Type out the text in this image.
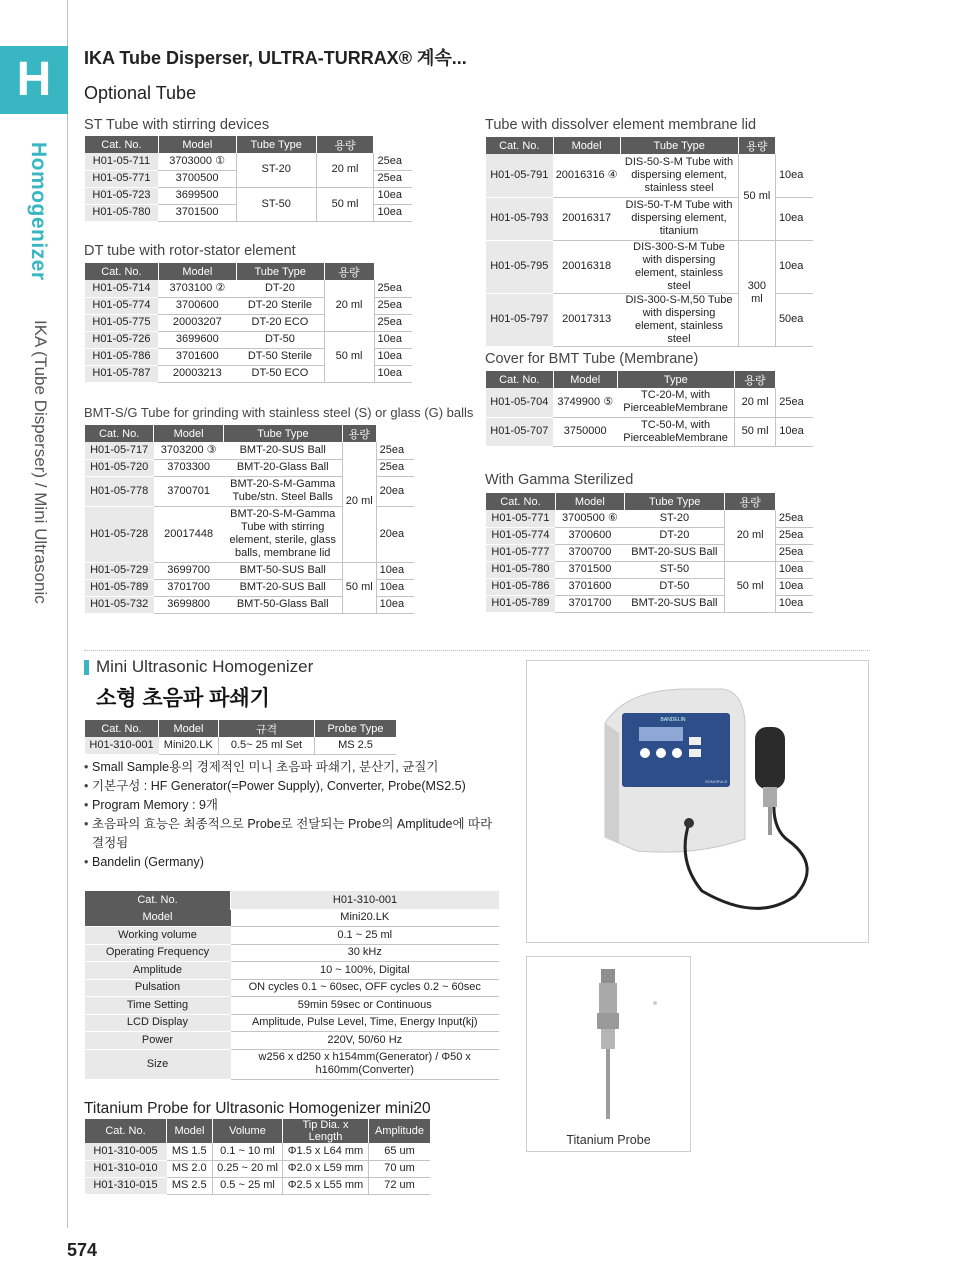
H
Homogenizer
IKA (Tube Disperser) / Mini Ultrasonic
IKA Tube Disperser, ULTRA-TURRAX® 계속...
Optional Tube
ST Tube with stirring devices
Cat. No.	Model	Tube Type	용량	
H01-05-711	3703000 ①	ST-20	20 ml	25ea
H01-05-771	3700500			25ea
H01-05-723	3699500	ST-50	50 ml	10ea
H01-05-780	3701500			10ea
DT tube with rotor-stator element
Cat. No.	Model	Tube Type	용량	
H01-05-714	3703100 ②	DT-20	20 ml	25ea
H01-05-774	3700600	DT-20 Sterile		25ea
H01-05-775	20003207	DT-20 ECO		25ea
H01-05-726	3699600	DT-50	50 ml	10ea
H01-05-786	3701600	DT-50 Sterile		10ea
H01-05-787	20003213	DT-50 ECO		10ea
BMT-S/G Tube for grinding with stainless steel (S) or glass (G) balls
Cat. No.	Model	Tube Type	용량	
H01-05-717	3703200 ③	BMT-20-SUS Ball	20 ml	25ea
H01-05-720	3703300	BMT-20-Glass Ball		25ea
H01-05-778	3700701	BMT-20-S-M-Gamma Tube/stn. Steel Balls		20ea
H01-05-728	20017448	BMT-20-S-M-Gamma Tube with stirring element, sterile, glass balls, membrane lid		20ea
H01-05-729	3699700	BMT-50-SUS Ball	50 ml	10ea
H01-05-789	3701700	BMT-20-SUS Ball		10ea
H01-05-732	3699800	BMT-50-Glass Ball		10ea
Tube with dissolver element membrane lid
Cat. No.	Model	Tube Type	용량	
H01-05-791	20016316 ④	DIS-50-S-M Tube with dispersing element, stainless steel	50 ml	10ea
H01-05-793	20016317	DIS-50-T-M Tube with dispersing element, titanium		10ea
H01-05-795	20016318	DIS-300-S-M Tube with dispersing element, stainless steel	300 ml	10ea
H01-05-797	20017313	DIS-300-S-M,50 Tube with dispersing element, stainless steel		50ea
Cover for BMT Tube (Membrane)
Cat. No.	Model	Type	용량	
H01-05-704	3749900 ⑤	TC-20-M, with PierceableMembrane	20 ml	25ea
H01-05-707	3750000	TC-50-M, with PierceableMembrane	50 ml	10ea
With Gamma Sterilized
Cat. No.	Model	Tube Type	용량	
H01-05-771	3700500 ⑥	ST-20	20 ml	25ea
H01-05-774	3700600	DT-20		25ea
H01-05-777	3700700	BMT-20-SUS Ball		25ea
H01-05-780	3701500	ST-50	50 ml	10ea
H01-05-786	3701600	DT-50		10ea
H01-05-789	3701700	BMT-20-SUS Ball		10ea
Mini Ultrasonic Homogenizer
소형 초음파 파쇄기
Cat. No.	Model	규격	Probe Type
H01-310-001	Mini20.LK	0.5~ 25 ml Set	MS 2.5
• Small Sample용의 경제적인 미니 초음파 파쇄기, 분산기, 균질기
• 기본구성 : HF Generator(=Power Supply), Converter, Probe(MS2.5)
• Program Memory : 9개
• 초음파의 효능은 최종적으로 Probe로 전달되는 Probe의 Amplitude에 따라 결정됨
• Bandelin (Germany)
Cat. No.	H01-310-001
Model	Mini20.LK
Working volume	0.1 ~ 25 ml
Operating Frequency	30 kHz
Amplitude	10 ~ 100%, Digital
Pulsation	ON cycles 0.1 ~ 60sec, OFF cycles 0.2 ~ 60sec
Time Setting	59min 59sec or Continuous
LCD Display	Amplitude, Pulse Level, Time, Energy Input(kj)
Power	220V, 50/60 Hz
Size	w256 x d250 x h154mm(Generator) / Φ50 x h160mm(Converter)
Titanium Probe for Ultrasonic Homogenizer mini20
Cat. No.	Model	Volume	Tip Dia. x Length	Amplitude
H01-310-005	MS 1.5	0.1 ~ 10 ml	Φ1.5 x L64 mm	65 um
H01-310-010	MS 2.0	0.25 ~ 20 ml	Φ2.0 x L59 mm	70 um
H01-310-015	MS 2.5	0.5 ~ 25 ml	Φ2.5 x L55 mm	72 um
BANDELIN
SONOPULS
Titanium Probe
574
